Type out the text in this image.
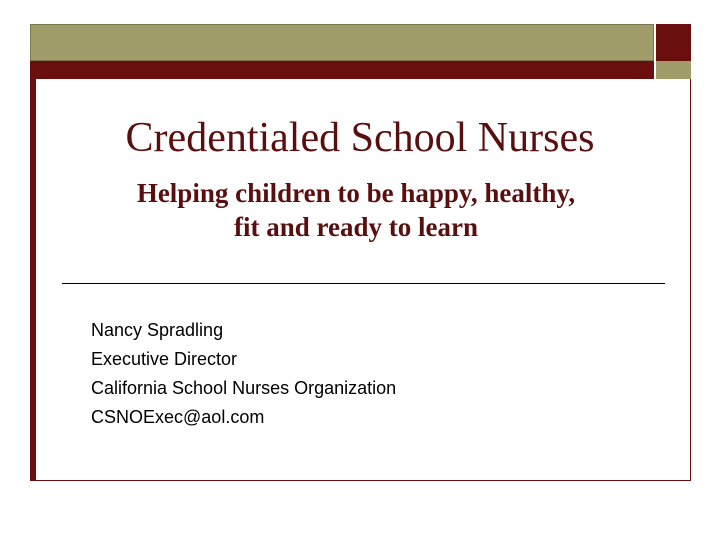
Credentialed School Nurses
Helping children to be happy, healthy,
fit and ready to learn
Nancy Spradling
Executive Director
California School Nurses Organization
CSNOExec@aol.com
